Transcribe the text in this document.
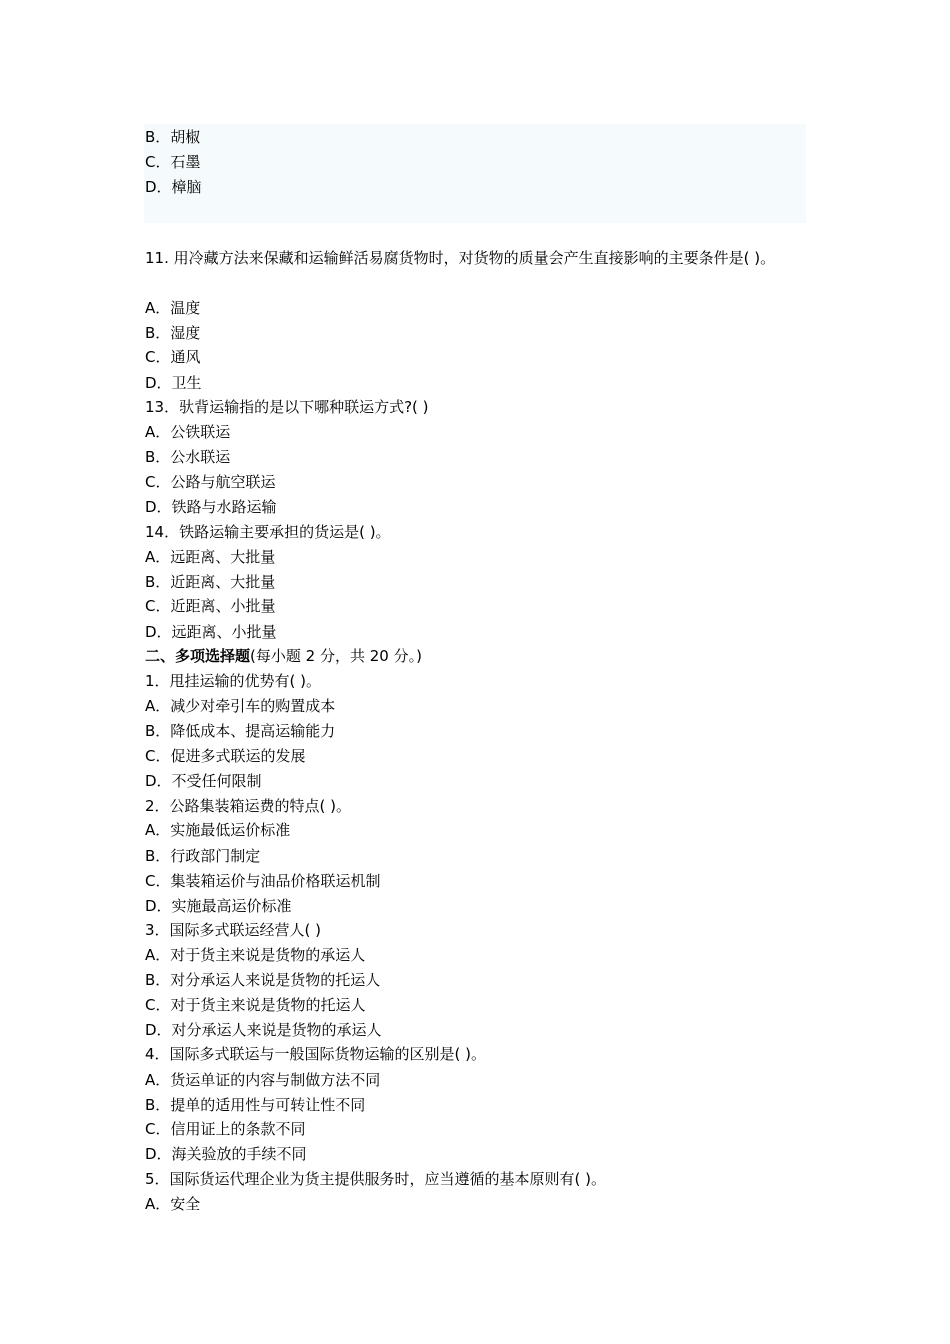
B．胡椒
C．石墨
D．樟脑
11. 用冷藏方法来保藏和运输鲜活易腐货物时，对货物的质量会产生直接影响的主要条件是( )。
A．温度
B．湿度
C．通风
D．卫生
13．驮背运输指的是以下哪种联运方式?( )
A．公铁联运
B．公水联运
C．公路与航空联运
D．铁路与水路运输
14．铁路运输主要承担的货运是( )。
A．远距离、大批量
B．近距离、大批量
C．近距离、小批量
D．远距离、小批量
二、多项选择题(每小题 2 分，共 20 分。)
1．甩挂运输的优势有( )。
A．减少对牵引车的购置成本
B．降低成本、提高运输能力
C．促进多式联运的发展
D．不受任何限制
2．公路集装箱运费的特点( )。
A．实施最低运价标准
B．行政部门制定
C．集装箱运价与油品价格联运机制
D．实施最高运价标准
3．国际多式联运经营人( )
A．对于货主来说是货物的承运人
B．对分承运人来说是货物的托运人
C．对于货主来说是货物的托运人
D．对分承运人来说是货物的承运人
4．国际多式联运与一般国际货物运输的区别是( )。
A．货运单证的内容与制做方法不同
B．提单的适用性与可转让性不同
C．信用证上的条款不同
D．海关验放的手续不同
5．国际货运代理企业为货主提供服务时，应当遵循的基本原则有( )。
A．安全
